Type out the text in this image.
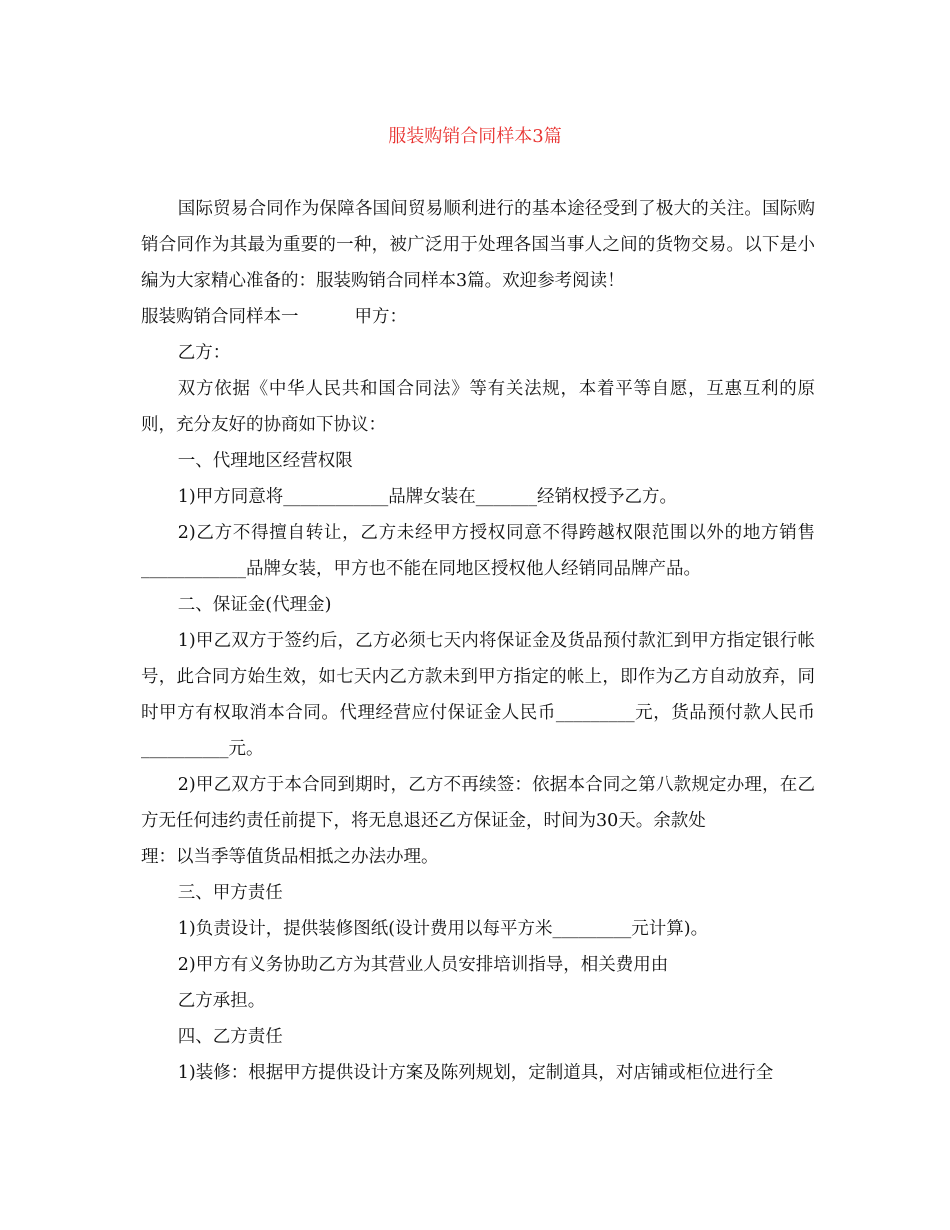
服装购销合同样本3篇

国际贸易合同作为保障各国间贸易顺利进行的基本途径受到了极大的关注。国际购销合同作为其最为重要的一种，被广泛用于处理各国当事人之间的货物交易。以下是小编为大家精心准备的：服装购销合同样本3篇。欢迎参考阅读！

服装购销合同样本一	甲方：

乙方：

双方依据《中华人民共和国合同法》等有关法规，本着平等自愿，互惠互利的原则，充分友好的协商如下协议：

一、代理地区经营权限

1)甲方同意将____________品牌女装在_______经销权授予乙方。

2)乙方不得擅自转让，乙方未经甲方授权同意不得跨越权限范围以外的地方销售____________品牌女装，甲方也不能在同地区授权他人经销同品牌产品。

二、保证金(代理金)

1)甲乙双方于签约后，乙方必须七天内将保证金及货品预付款汇到甲方指定银行帐号，此合同方始生效，如七天内乙方款未到甲方指定的帐上，即作为乙方自动放弃，同时甲方有权取消本合同。代理经营应付保证金人民币_________元，货品预付款人民币__________元。

2)甲乙双方于本合同到期时，乙方不再续签：依据本合同之第八款规定办理，在乙方无任何违约责任前提下，将无息退还乙方保证金，时间为30天。余款处

理：以当季等值货品相抵之办法办理。

三、甲方责任

1)负责设计，提供装修图纸(设计费用以每平方米_________元计算)。

2)甲方有义务协助乙方为其营业人员安排培训指导，相关费用由

乙方承担。

四、乙方责任

1)装修：根据甲方提供设计方案及陈列规划，定制道具，对店铺或柜位进行全
